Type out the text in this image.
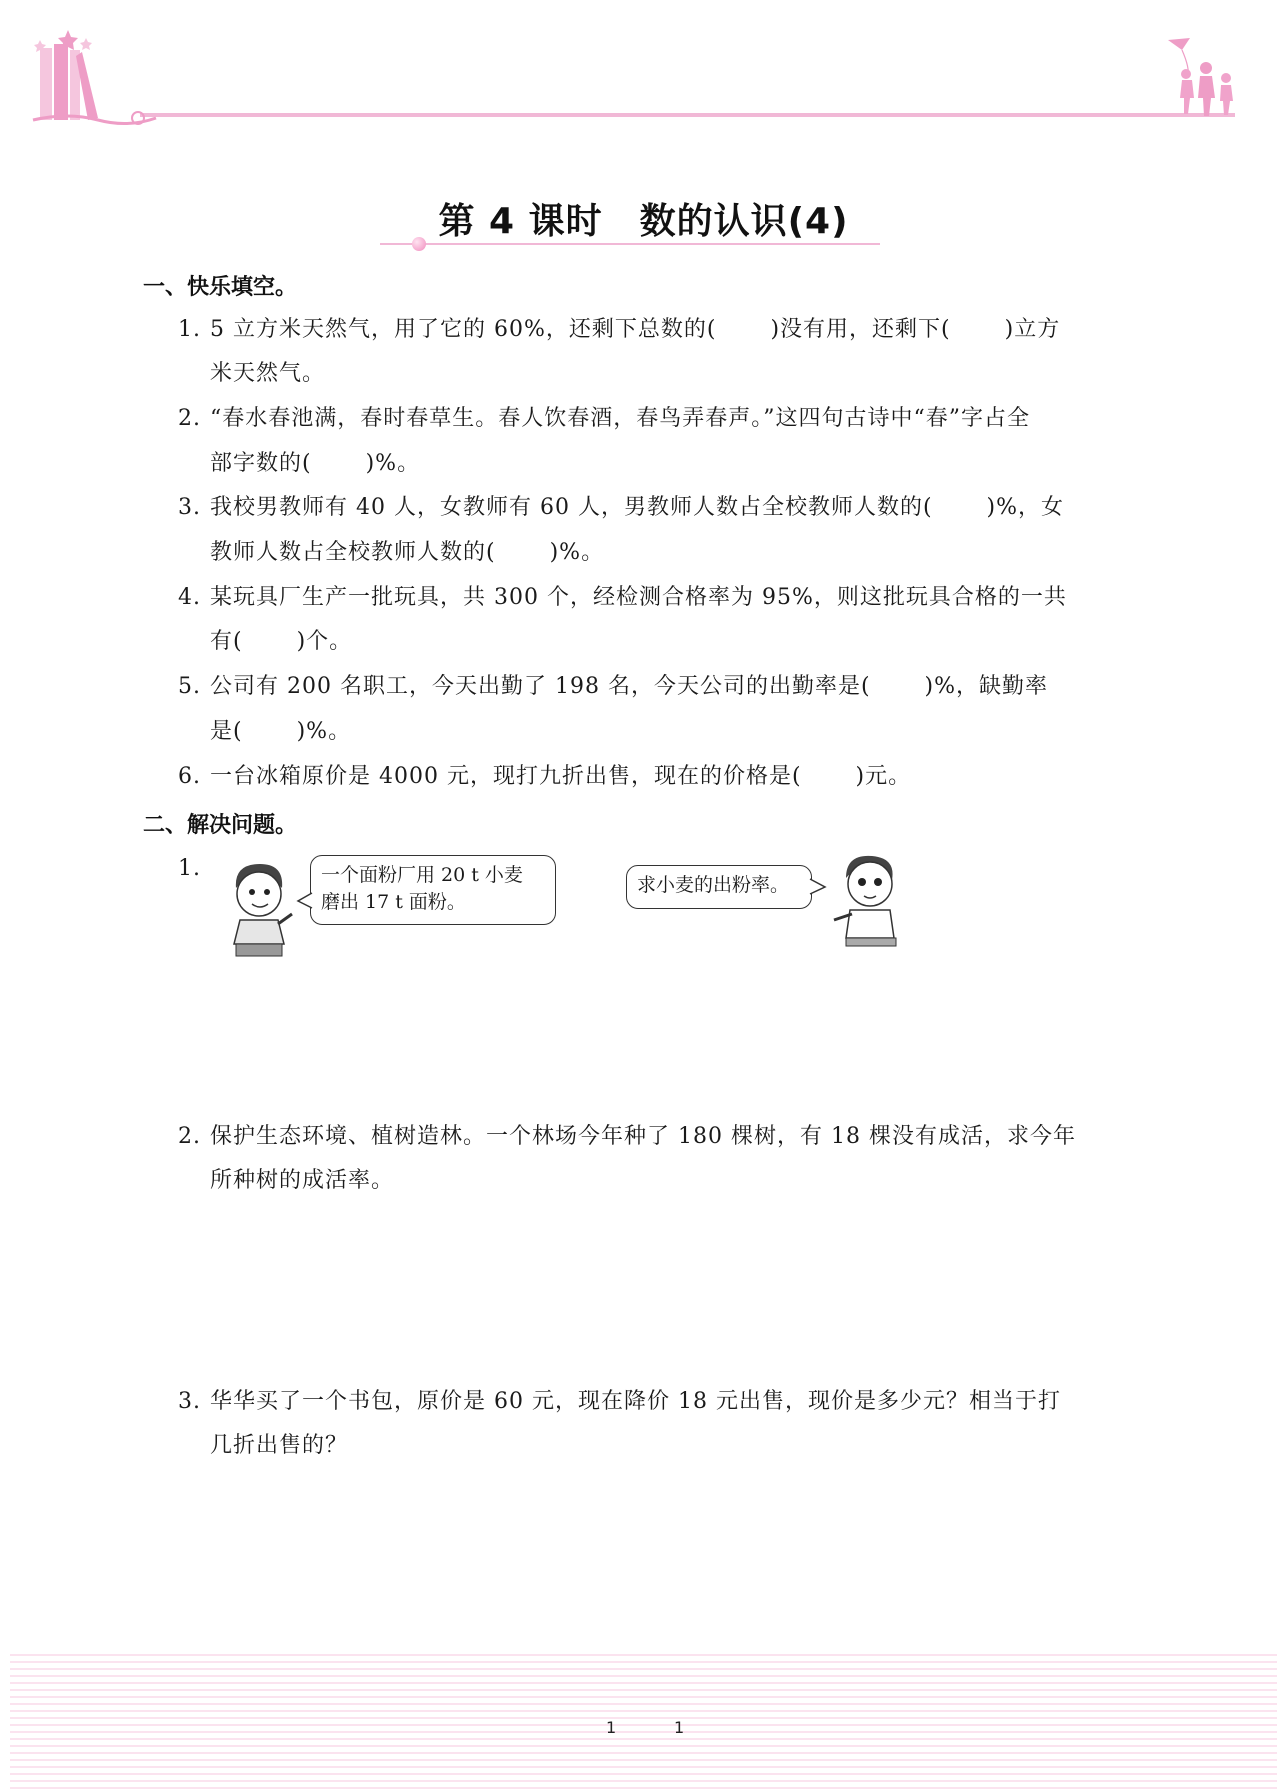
第 4 课时　数的认识(4)
一、快乐填空。
1. 5 立方米天然气，用了它的 60%，还剩下总数的(　　 )没有用，还剩下(　　 )立方
米天然气。
2. “春水春池满，春时春草生。春人饮春酒，春鸟弄春声。”这四句古诗中“春”字占全
部字数的(　　 )%。
3. 我校男教师有 40 人，女教师有 60 人，男教师人数占全校教师人数的(　　 )%，女
教师人数占全校教师人数的(　　 )%。
4. 某玩具厂生产一批玩具，共 300 个，经检测合格率为 95%，则这批玩具合格的一共
有(　　 )个。
5. 公司有 200 名职工，今天出勤了 198 名，今天公司的出勤率是(　　 )%，缺勤率
是(　　 )%。
6. 一台冰箱原价是 4000 元，现打九折出售，现在的价格是(　　 )元。
二、解决问题。
1.	一个面粉厂用 20 t 小麦
磨出 17 t 面粉。
求小麦的出粉率。
2. 保护生态环境、植树造林。一个林场今年种了 180 棵树，有 18 棵没有成活，求今年
所种树的成活率。
3. 华华买了一个书包，原价是 60 元，现在降价 18 元出售，现价是多少元？相当于打
几折出售的？
1	1
